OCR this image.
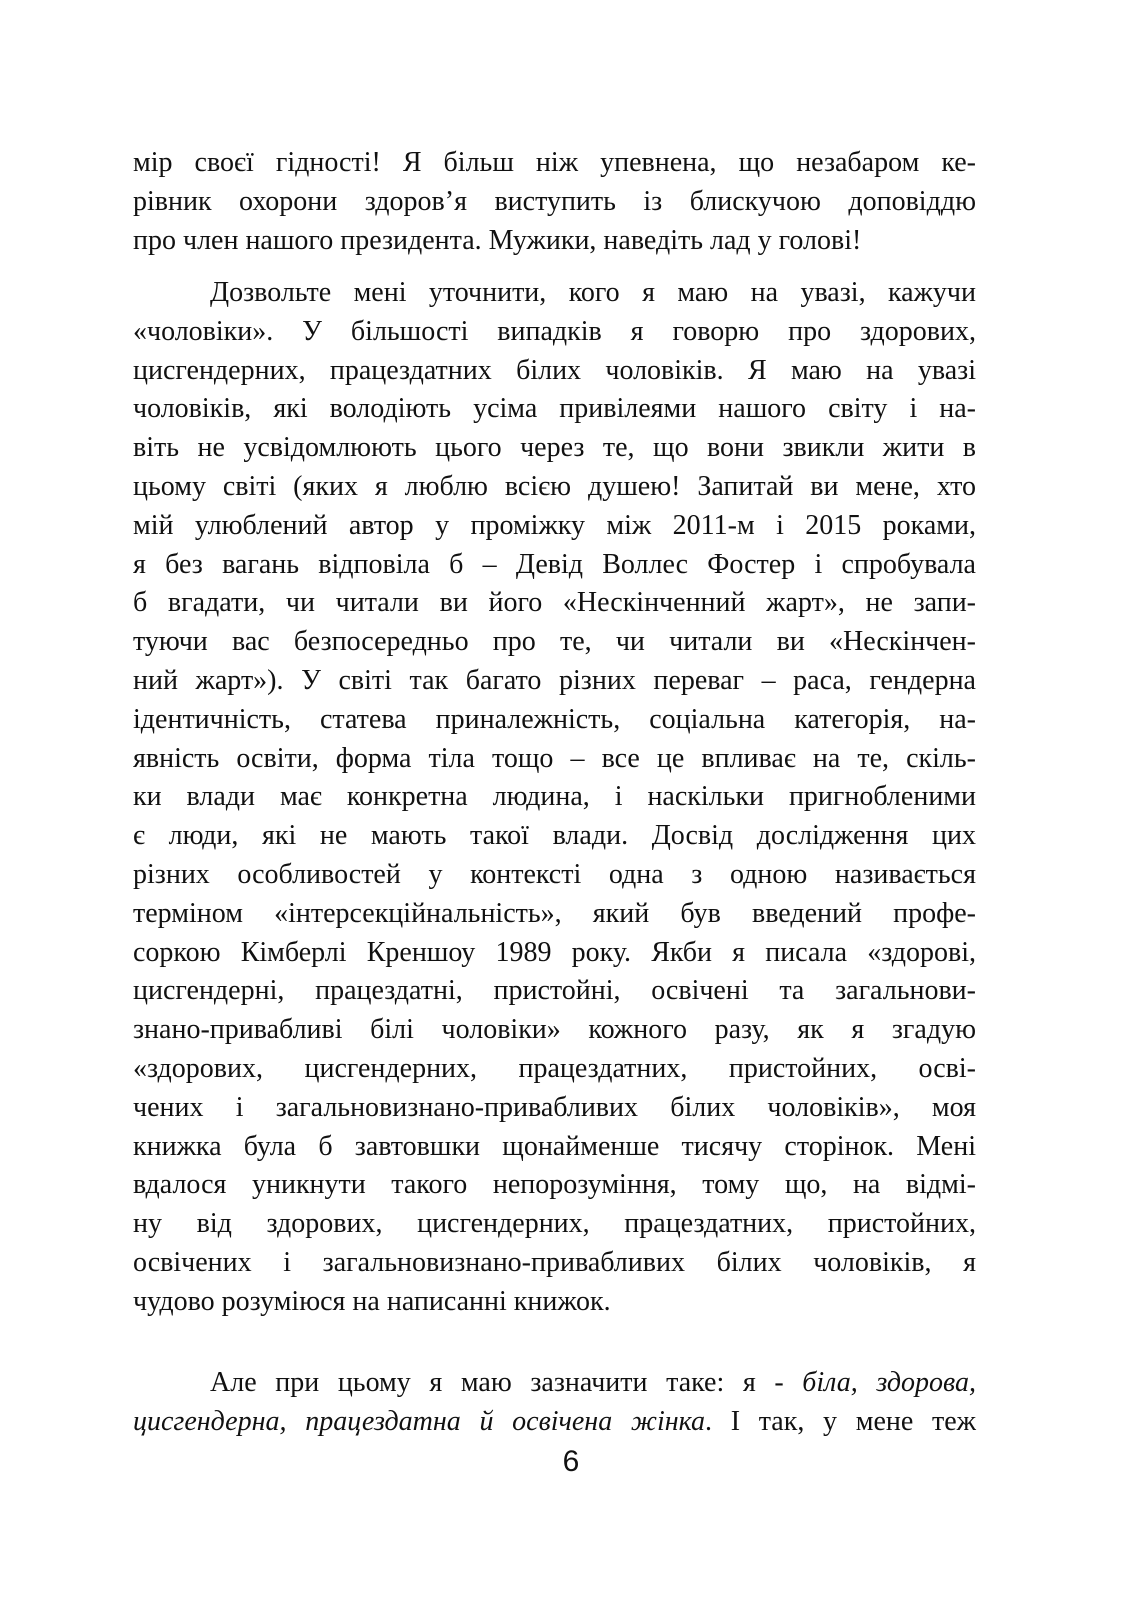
мір своєї гідності! Я більш ніж упевнена, що незабаром ке-
рівник охорони здоров’я виступить із блискучою доповіддю
про член нашого президента. Мужики, наведіть лад у голові!
Дозвольте мені уточнити, кого я маю на увазі, кажучи
«чоловіки». У більшості випадків я говорю про здорових,
цисгендерних, працездатних білих чоловіків. Я маю на увазі
чоловіків, які володіють усіма привілеями нашого світу і на-
віть не усвідомлюють цього через те, що вони звикли жити в
цьому світі (яких я люблю всією душею! Запитай ви мене, хто
мій улюблений автор у проміжку між 2011-м і 2015 роками,
я без вагань відповіла б – Девід Воллес Фостер і спробувала
б вгадати, чи читали ви його «Нескінченний жарт», не запи-
туючи вас безпосередньо про те, чи читали ви «Нескінчен-
ний жарт»). У світі так багато різних переваг – раса, гендерна
ідентичність, статева приналежність, соціальна категорія, на-
явність освіти, форма тіла тощо – все це впливає на те, скіль-
ки влади має конкретна людина, і наскільки пригнобленими
є люди, які не мають такої влади. Досвід дослідження цих
різних особливостей у контексті одна з одною називається
терміном «інтерсекційнальність», який був введений профе-
соркою Кімберлі Креншоу 1989 року. Якби я писала «здорові,
цисгендерні, працездатні, пристойні, освічені та загальнови-
знано-привабливі білі чоловіки» кожного разу, як я згадую
«здорових, цисгендерних, працездатних, пристойних, осві-
чених і загальновизнано-привабливих білих чоловіків», моя
книжка була б завтовшки щонайменше тисячу сторінок. Мені
вдалося уникнути такого непорозуміння, тому що, на відмі-
ну від здорових, цисгендерних, працездатних, пристойних,
освічених і загальновизнано-привабливих білих чоловіків, я
чудово розуміюся на написанні книжок.
Але при цьому я маю зазначити таке: я - біла, здорова,
цисгендерна, працездатна й освічена жінка. І так, у мене теж
6
